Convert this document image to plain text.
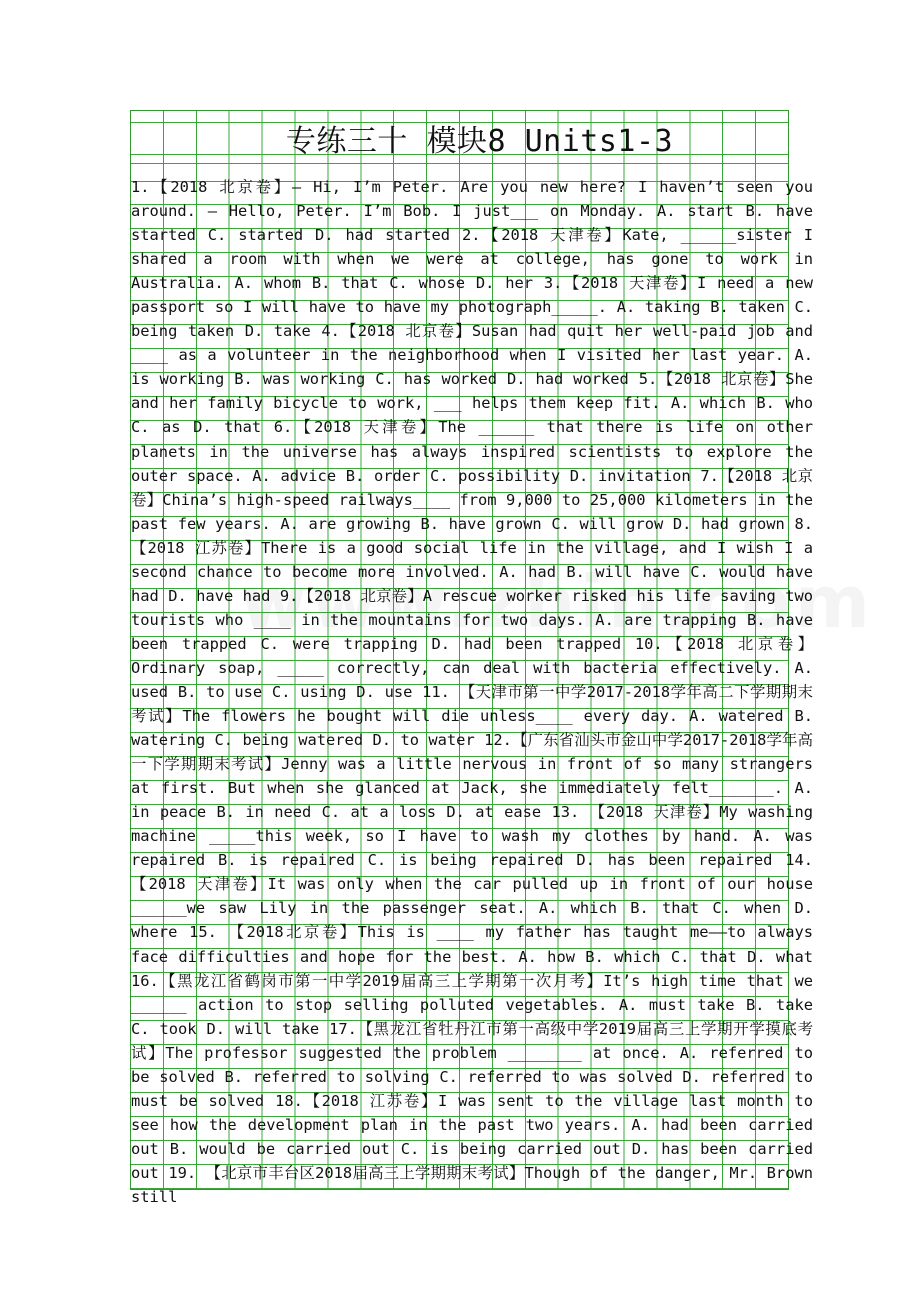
专练三十 模块8 Units1-3
1.【2018 北京卷】— Hi, I’m Peter. Are you new here? I haven’t seen you around. — Hello, Peter. I’m Bob. I just___ on Monday. A. start B. have started C. started D. had started 2.【2018 天津卷】Kate, ______sister I shared a room with when we were at college, has gone to work in Australia. A. whom B. that C. whose D. her 3.【2018 天津卷】I need a new passport so I will have to have my photograph_____. A. taking B. taken C. being taken D. take 4.【2018 北京卷】Susan had quit her well-paid job and ____ as a volunteer in the neighborhood when I visited her last year. A. is working B. was working C. has worked D. had worked 5.【2018 北京卷】She and her family bicycle to work, ___ helps them keep fit. A. which B. who C. as D. that 6.【2018 天津卷】The ______ that there is life on other planets in the universe has always inspired scientists to explore the outer space. A. advice B. order C. possibility D. invitation 7.【2018 北京卷】China’s high-speed railways____ from 9,000 to 25,000 kilometers in the past few years. A. are growing B. have grown C. will grow D. had grown 8.【2018 江苏卷】There is a good social life in the village, and I wish I a second chance to become more involved. A. had B. will have C. would have had D. have had 9.【2018 北京卷】A rescue worker risked his life saving two tourists who ____ in the mountains for two days. A. are trapping B. have been trapped C. were trapping D. had been trapped 10.【2018 北京卷】Ordinary soap, _____ correctly, can deal with bacteria effectively. A. used B. to use C. using D. use 11. 【天津市第一中学2017-2018学年高二下学期期末考试】The flowers he bought will die unless____ every day. A. watered B. watering C. being watered D. to water 12.【广东省汕头市金山中学2017-2018学年高一下学期期末考试】Jenny was a little nervous in front of so many strangers at first. But when she glanced at Jack, she immediately felt_______. A. in peace B. in need C. at a loss D. at ease 13. 【2018 天津卷】My washing machine _____this week, so I have to wash my clothes by hand. A. was repaired B. is repaired C. is being repaired D. has been repaired 14. 【2018 天津卷】It was only when the car pulled up in front of our house ______we saw Lily in the passenger seat. A. which B. that C. when D. where 15. 【2018北京卷】This is ____ my father has taught me——to always face difficulties and hope for the best. A. how B. which C. that D. what 16.【黑龙江省鹤岗市第一中学2019届高三上学期第一次月考】It’s high time that we ______ action to stop selling polluted vegetables. A. must take B. take C. took D. will take 17.【黑龙江省牡丹江市第一高级中学2019届高三上学期开学摸底考试】The professor suggested the problem ________ at once. A. referred to be solved B. referred to solving C. referred to was solved D. referred to must be solved 18.【2018 江苏卷】I was sent to the village last month to see how the development plan in the past two years. A. had been carried out B. would be carried out C. is being carried out D. has been carried out 19. 【北京市丰台区2018届高三上学期期末考试】Though of the danger, Mr. Brown still
